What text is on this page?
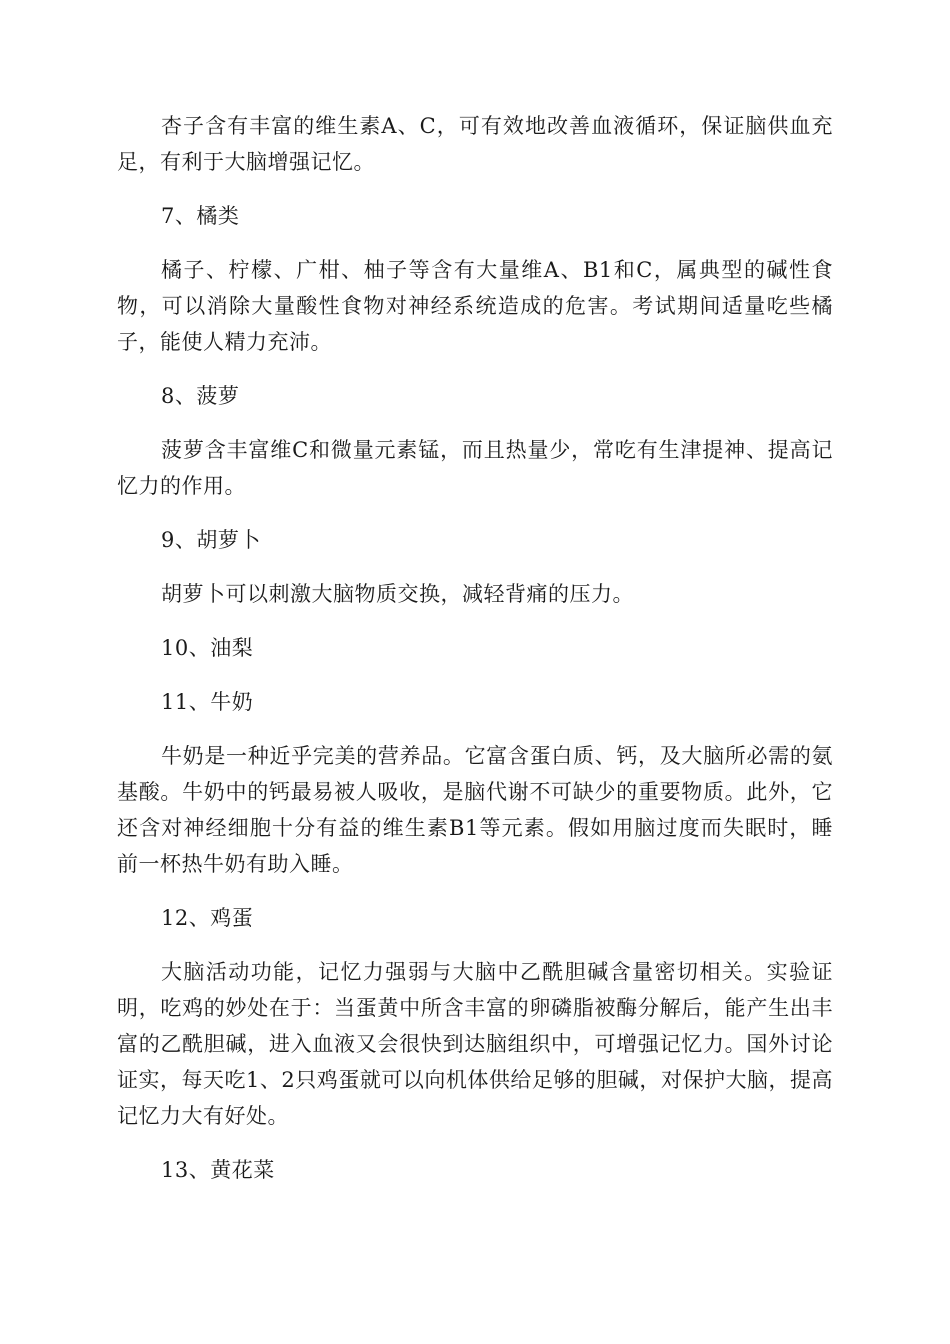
杏子含有丰富的维生素A、C，可有效地改善血液循环，保证脑供血充足，有利于大脑增强记忆。

7、橘类

橘子、柠檬、广柑、柚子等含有大量维A、B1和C，属典型的碱性食物，可以消除大量酸性食物对神经系统造成的危害。考试期间适量吃些橘子，能使人精力充沛。

8、菠萝

菠萝含丰富维C和微量元素锰，而且热量少，常吃有生津提神、提高记忆力的作用。

9、胡萝卜

胡萝卜可以刺激大脑物质交换，减轻背痛的压力。

10、油梨

11、牛奶

牛奶是一种近乎完美的营养品。它富含蛋白质、钙，及大脑所必需的氨基酸。牛奶中的钙最易被人吸收，是脑代谢不可缺少的重要物质。此外，它还含对神经细胞十分有益的维生素B1等元素。假如用脑过度而失眠时，睡前一杯热牛奶有助入睡。

12、鸡蛋

大脑活动功能，记忆力强弱与大脑中乙酰胆碱含量密切相关。实验证明，吃鸡的妙处在于：当蛋黄中所含丰富的卵磷脂被酶分解后，能产生出丰富的乙酰胆碱，进入血液又会很快到达脑组织中，可增强记忆力。国外讨论证实，每天吃1、2只鸡蛋就可以向机体供给足够的胆碱，对保护大脑，提高记忆力大有好处。

13、黄花菜
